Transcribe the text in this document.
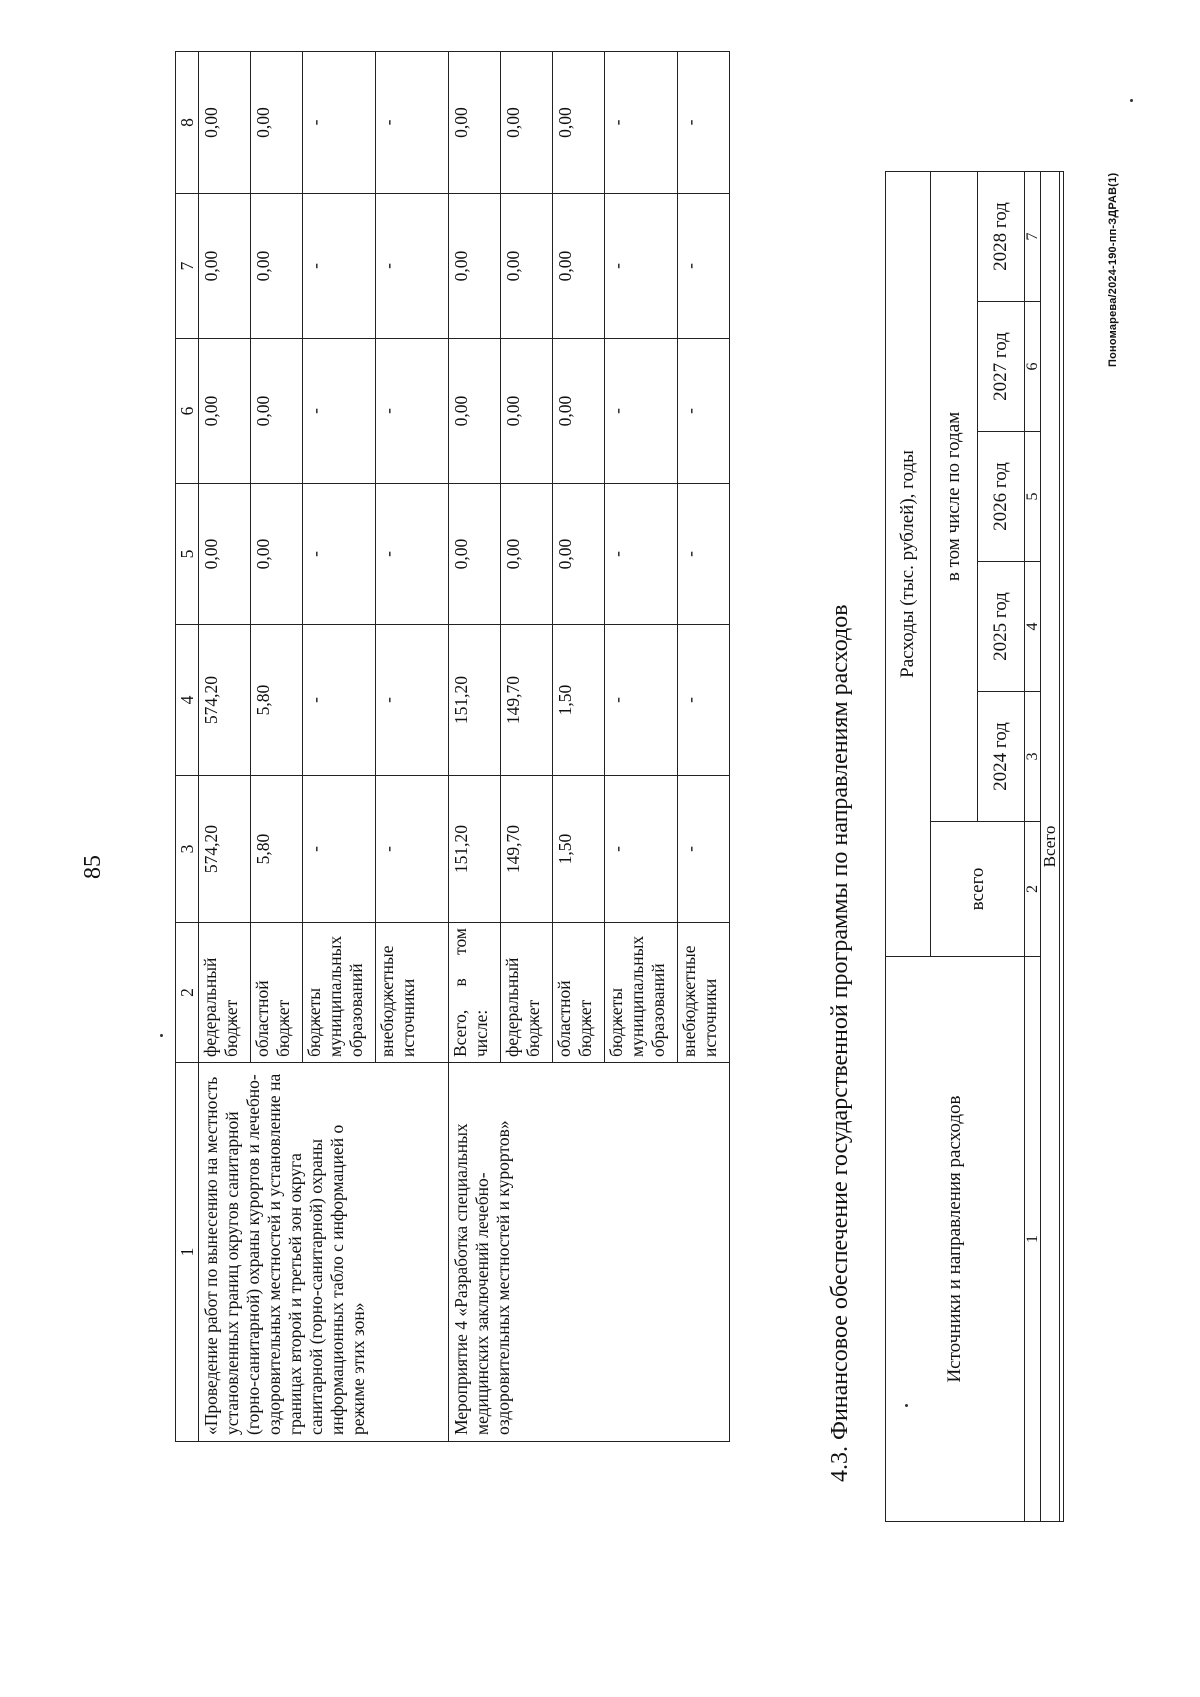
85
Пономарева/2024-190-пп-ЗДРАВ(1)
1	2	3	4	5	6	7	8
«Проведение работ по вынесению на местность установленных границ округов санитарной (горно-санитарной) охраны курортов и лечебно-оздоровительных местностей и установление на границах второй и третьей зон округа санитарной (горно-санитарной) охраны информационных табло с информацией о режиме этих зон»	федеральный бюджет	574,20	574,20	0,00	0,00	0,00	0,00
	областной бюджет	5,80	5,80	0,00	0,00	0,00	0,00
	бюджеты муниципальных образований	-	-	-	-	-	-
	внебюджетные источники	-	-	-	-	-	-
Мероприятие 4 «Разработка специальных медицинских заключений лечебно-оздоровительных местностей и курортов»	Всего, в том числе:	151,20	151,20	0,00	0,00	0,00	0,00
	федеральный бюджет	149,70	149,70	0,00	0,00	0,00	0,00
	областной бюджет	1,50	1,50	0,00	0,00	0,00	0,00
	бюджеты муниципальных образований	-	-	-	-	-	-
	внебюджетные источники	-	-	-	-	-	-
4.3. Финансовое обеспечение государственной программы по направлениям расходов	Источники и направления расходов	Расходы (тыс. рублей), годы					
	всего	в том числе по годам				
		2024 год	2025 год	2026 год	2027 год	2028 год
1	2	3	4	5	6	7
Всего						
